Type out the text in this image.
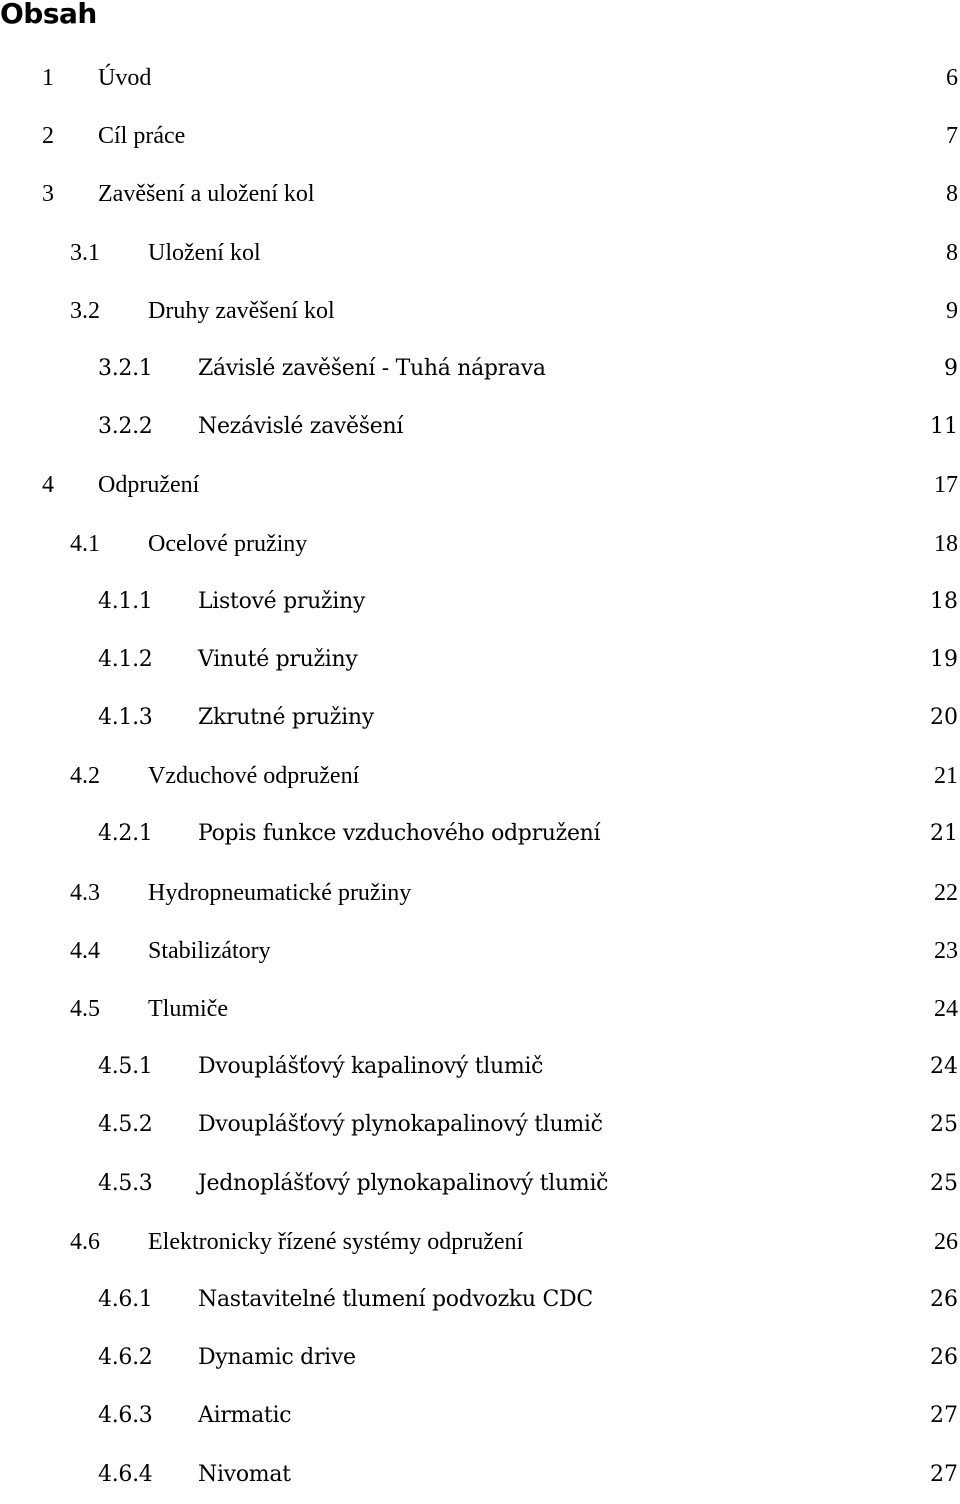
Obsah
1 Úvod	6
2 Cíl práce	7
3 Zavěšení a uložení kol	8
3.1 Uložení kol	8
3.2 Druhy zavěšení kol	9
3.2.1 Závislé zavěšení - Tuhá náprava	9
3.2.2 Nezávislé zavěšení	11
4 Odpružení	17
4.1 Ocelové pružiny	18
4.1.1 Listové pružiny	18
4.1.2 Vinuté pružiny	19
4.1.3 Zkrutné pružiny	20
4.2 Vzduchové odpružení	21
4.2.1 Popis funkce vzduchového odpružení	21
4.3 Hydropneumatické pružiny	22
4.4 Stabilizátory	23
4.5 Tlumiče	24
4.5.1 Dvouplášťový kapalinový tlumič	24
4.5.2 Dvouplášťový plynokapalinový tlumič	25
4.5.3 Jednoplášťový plynokapalinový tlumič	25
4.6 Elektronicky řízené systémy odpružení	26
4.6.1 Nastavitelné tlumení podvozku CDC	26
4.6.2 Dynamic drive	26
4.6.3 Airmatic	27
4.6.4 Nivomat	27
